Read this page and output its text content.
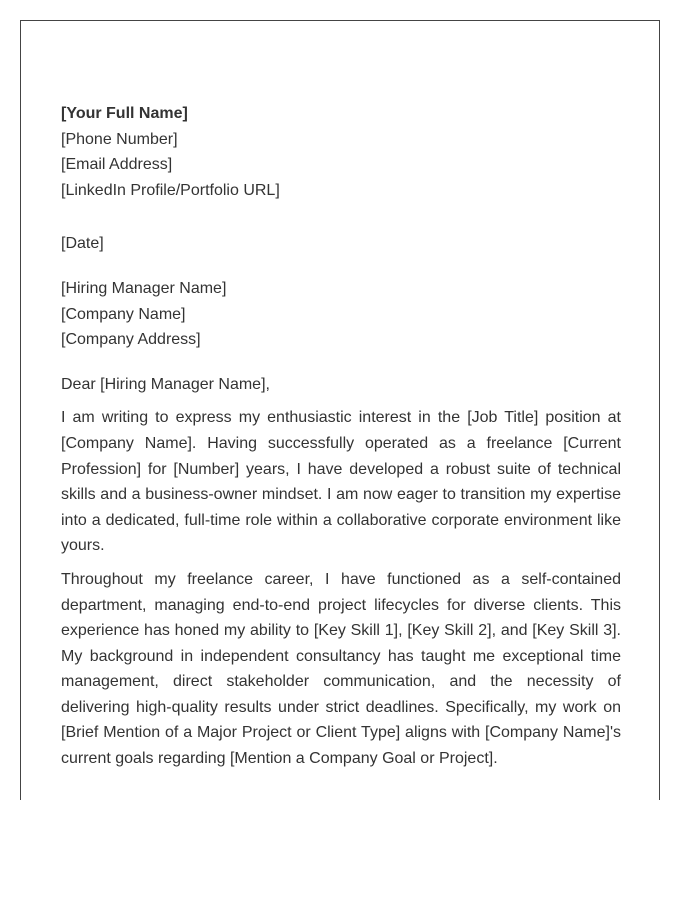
[Your Full Name]
[Phone Number]
[Email Address]
[LinkedIn Profile/Portfolio URL]
[Date]
[Hiring Manager Name]
[Company Name]
[Company Address]
Dear [Hiring Manager Name],

I am writing to express my enthusiastic interest in the [Job Title] position at [Company Name]. Having successfully operated as a freelance [Current Profession] for [Number] years, I have developed a robust suite of technical skills and a business-owner mindset. I am now eager to transition my expertise into a dedicated, full-time role within a collaborative corporate environment like yours.

Throughout my freelance career, I have functioned as a self-contained department, managing end-to-end project lifecycles for diverse clients. This experience has honed my ability to [Key Skill 1], [Key Skill 2], and [Key Skill 3]. My background in independent consultancy has taught me exceptional time management, direct stakeholder communication, and the necessity of delivering high-quality results under strict deadlines. Specifically, my work on [Brief Mention of a Major Project or Client Type] aligns with [Company Name]'s current goals regarding [Mention a Company Goal or Project].
